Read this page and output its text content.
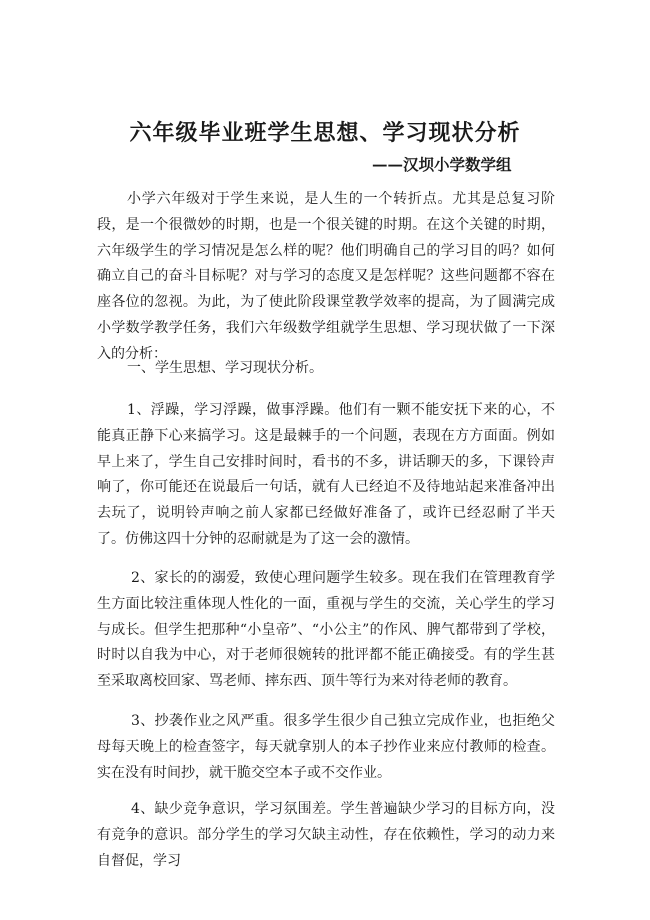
六年级毕业班学生思想、学习现状分析

——汉坝小学数学组

小学六年级对于学生来说，是人生的一个转折点。尤其是总复习阶段，是一个很微妙的时期，也是一个很关键的时期。在这个关键的时期，六年级学生的学习情况是怎么样的呢？他们明确自己的学习目的吗？如何确立自己的奋斗目标呢？对与学习的态度又是怎样呢？这些问题都不容在座各位的忽视。为此，为了使此阶段课堂教学效率的提高，为了圆满完成小学数学教学任务，我们六年级数学组就学生思想、学习现状做了一下深入的分析：

一、学生思想、学习现状分析。

1、浮躁，学习浮躁，做事浮躁。他们有一颗不能安抚下来的心，不能真正静下心来搞学习。这是最棘手的一个问题，表现在方方面面。例如早上来了，学生自己安排时间时，看书的不多，讲话聊天的多，下课铃声响了，你可能还在说最后一句话，就有人已经迫不及待地站起来准备冲出去玩了，说明铃声响之前人家都已经做好准备了，或许已经忍耐了半天了。仿佛这四十分钟的忍耐就是为了这一会的激情。

2、家长的的溺爱，致使心理问题学生较多。现在我们在管理教育学生方面比较注重体现人性化的一面，重视与学生的交流，关心学生的学习与成长。但学生把那种“小皇帝”、“小公主”的作风、脾气都带到了学校，时时以自我为中心，对于老师很婉转的批评都不能正确接受。有的学生甚至采取离校回家、骂老师、摔东西、顶牛等行为来对待老师的教育。

3、抄袭作业之风严重。很多学生很少自己独立完成作业，也拒绝父母每天晚上的检查签字，每天就拿别人的本子抄作业来应付教师的检查。实在没有时间抄，就干脆交空本子或不交作业。

4、缺少竞争意识，学习氛围差。学生普遍缺少学习的目标方向，没有竞争的意识。部分学生的学习欠缺主动性，存在依赖性，学习的动力来自督促，学习
